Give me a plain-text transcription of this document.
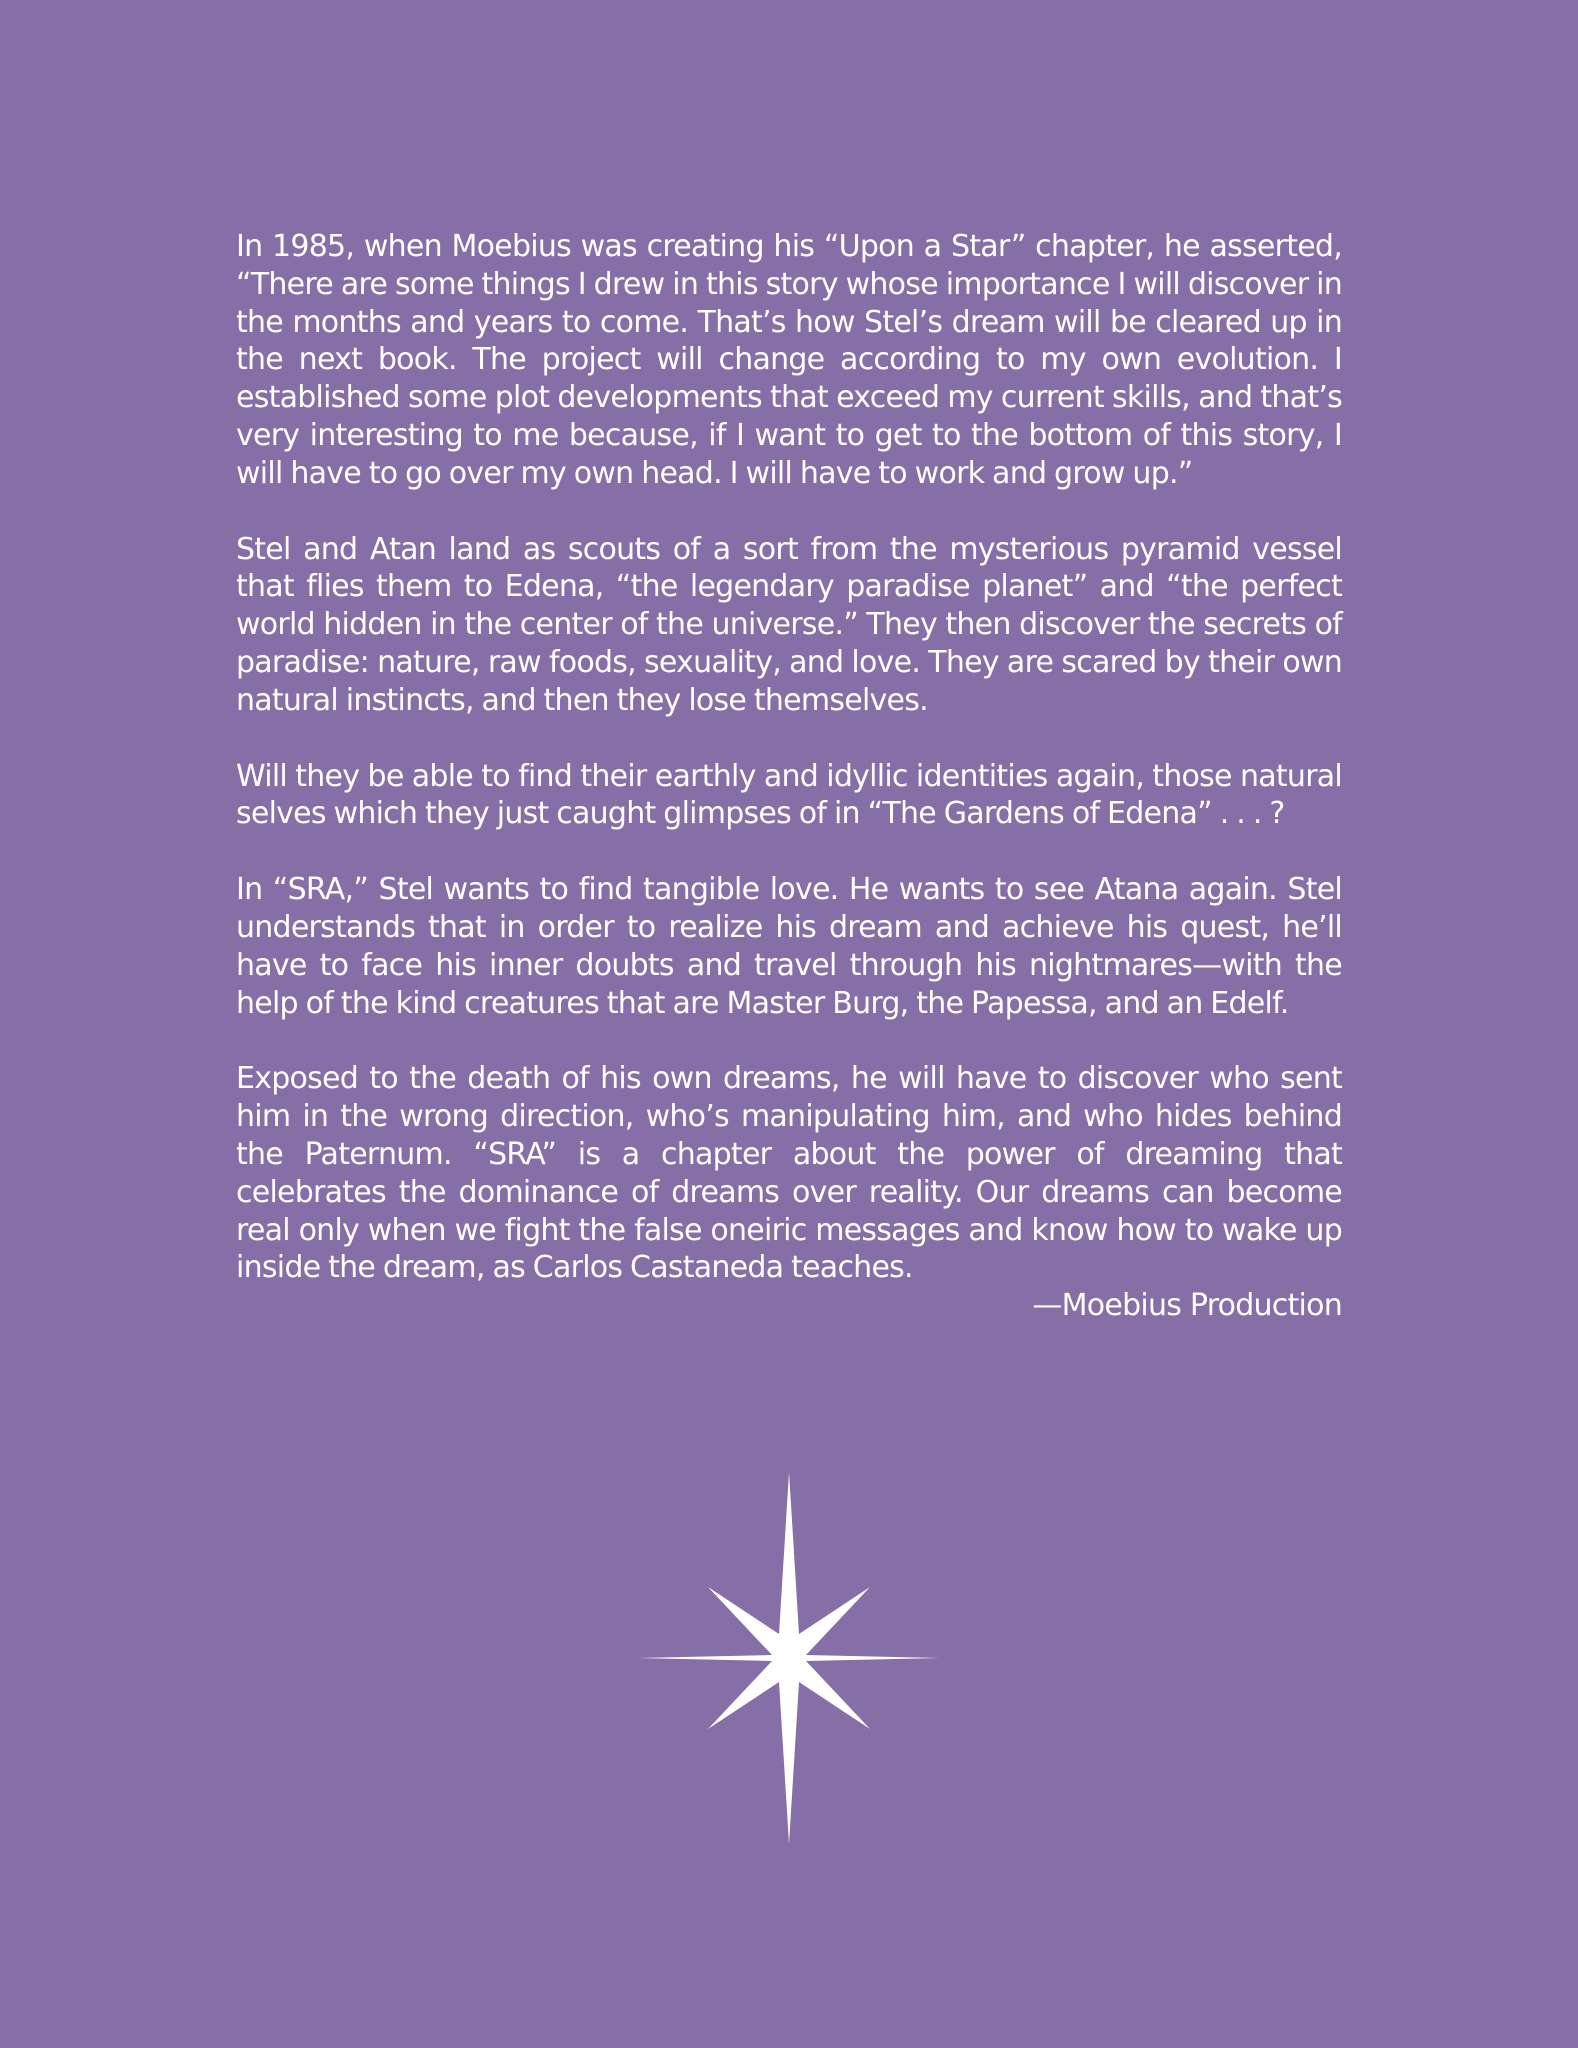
In 1985, when Moebius was creating his “Upon a Star” chapter, he asserted, “There are some things I drew in this story whose importance I will discover in the months and years to come. That’s how Stel’s dream will be cleared up in the next book. The project will change according to my own evolution. I established some plot developments that exceed my current skills, and that’s very interesting to me because, if I want to get to the bottom of this story, I will have to go over my own head. I will have to work and grow up.”

Stel and Atan land as scouts of a sort from the mysterious pyramid vessel that flies them to Edena, “the legendary paradise planet” and “the perfect world hidden in the center of the universe.” They then discover the secrets of paradise: nature, raw foods, sexuality, and love. They are scared by their own natural instincts, and then they lose themselves.

Will they be able to find their earthly and idyllic identities again, those natural selves which they just caught glimpses of in “The Gardens of Edena” . . . ?

In “SRA,” Stel wants to find tangible love. He wants to see Atana again. Stel understands that in order to realize his dream and achieve his quest, he’ll have to face his inner doubts and travel through his nightmares—with the help of the kind creatures that are Master Burg, the Papessa, and an Edelf.

Exposed to the death of his own dreams, he will have to discover who sent him in the wrong direction, who’s manipulating him, and who hides behind the Paternum. “SRA” is a chapter about the power of dreaming that celebrates the dominance of dreams over reality. Our dreams can become real only when we fight the false oneiric messages and know how to wake up inside the dream, as Carlos Castaneda teaches.

—Moebius Production
